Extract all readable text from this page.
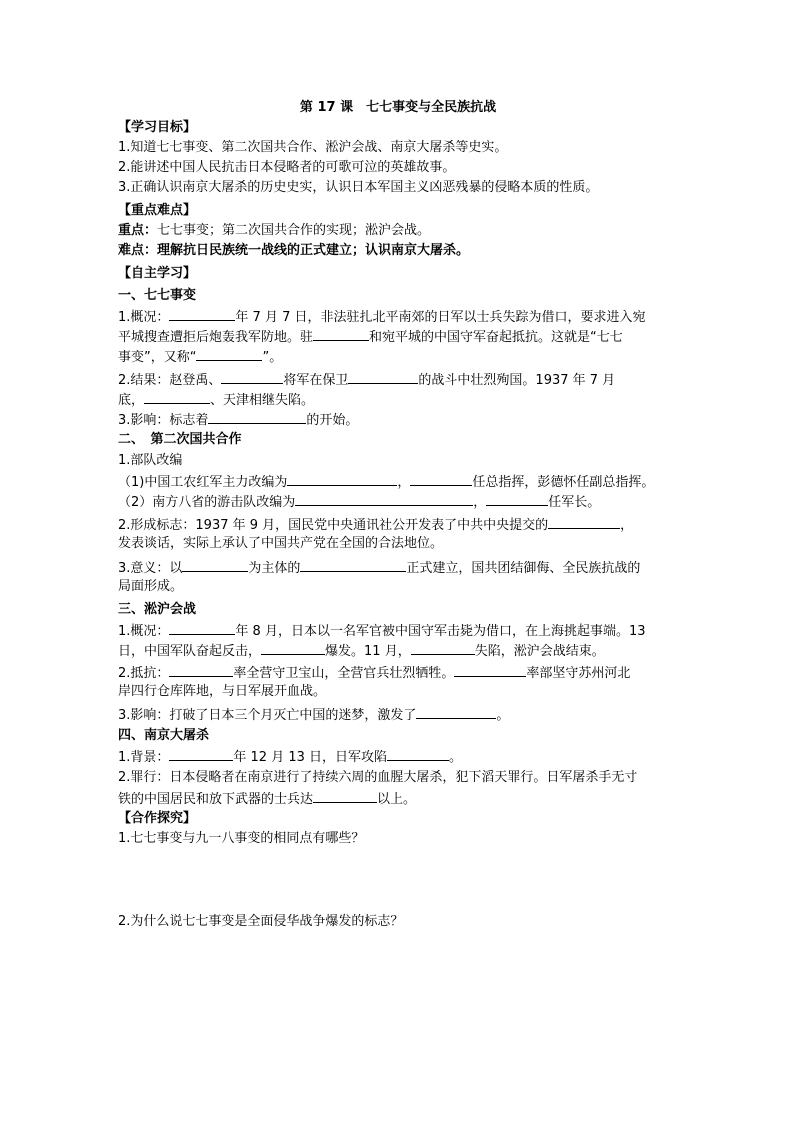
第 17 课　七七事变与全民族抗战
【学习目标】
1.知道七七事变、第二次国共合作、淞沪会战、南京大屠杀等史实。
2.能讲述中国人民抗击日本侵略者的可歌可泣的英雄故事。
3.正确认识南京大屠杀的历史史实，认识日本军国主义凶恶残暴的侵略本质的性质。
【重点难点】
重点：七七事变；第二次国共合作的实现；淞沪会战。
难点：理解抗日民族统一战线的正式建立；认识南京大屠杀。
【自主学习】
一、七七事变
1.概况：	年 7 月 7 日，非法驻扎北平南郊的日军以士兵失踪为借口，要求进入宛
平城搜查遭拒后炮轰我军防地。驻	和宛平城的中国守军奋起抵抗。这就是“七七
事变”，又称“	”。
2.结果：赵登禹、	将军在保卫	的战斗中壮烈殉国。1937 年 7 月
底，	、天津相继失陷。
3.影响：标志着	的开始。
二、　第二次国共合作
1.部队改编
（1)中国工农红军主力改编为	，	任总指挥，彭德怀任副总指挥。
（2）南方八省的游击队改编为	，	任军长。
2.形成标志：1937 年 9 月，国民党中央通讯社公开发表了中共中央提交的	，
发表谈话，实际上承认了中国共产党在全国的合法地位。
3.意义：以	为主体的	正式建立，国共团结御侮、全民族抗战的
局面形成。
三、淞沪会战
1.概况：	年 8 月，日本以一名军官被中国守军击毙为借口，在上海挑起事端。13
日，中国军队奋起反击，	爆发。11 月，	失陷，淞沪会战结束。
2.抵抗：	率全营守卫宝山，全营官兵壮烈牺牲。	率部坚守苏州河北
岸四行仓库阵地，与日军展开血战。
3.影响：打破了日本三个月灭亡中国的迷梦，激发了	。
四、南京大屠杀
1.背景：	年 12 月 13 日，日军攻陷	。
2.罪行：日本侵略者在南京进行了持续六周的血腥大屠杀，犯下滔天罪行。日军屠杀手无寸
铁的中国居民和放下武器的士兵达	以上。
【合作探究】
1.七七事变与九一八事变的相同点有哪些？
2.为什么说七七事变是全面侵华战争爆发的标志？
